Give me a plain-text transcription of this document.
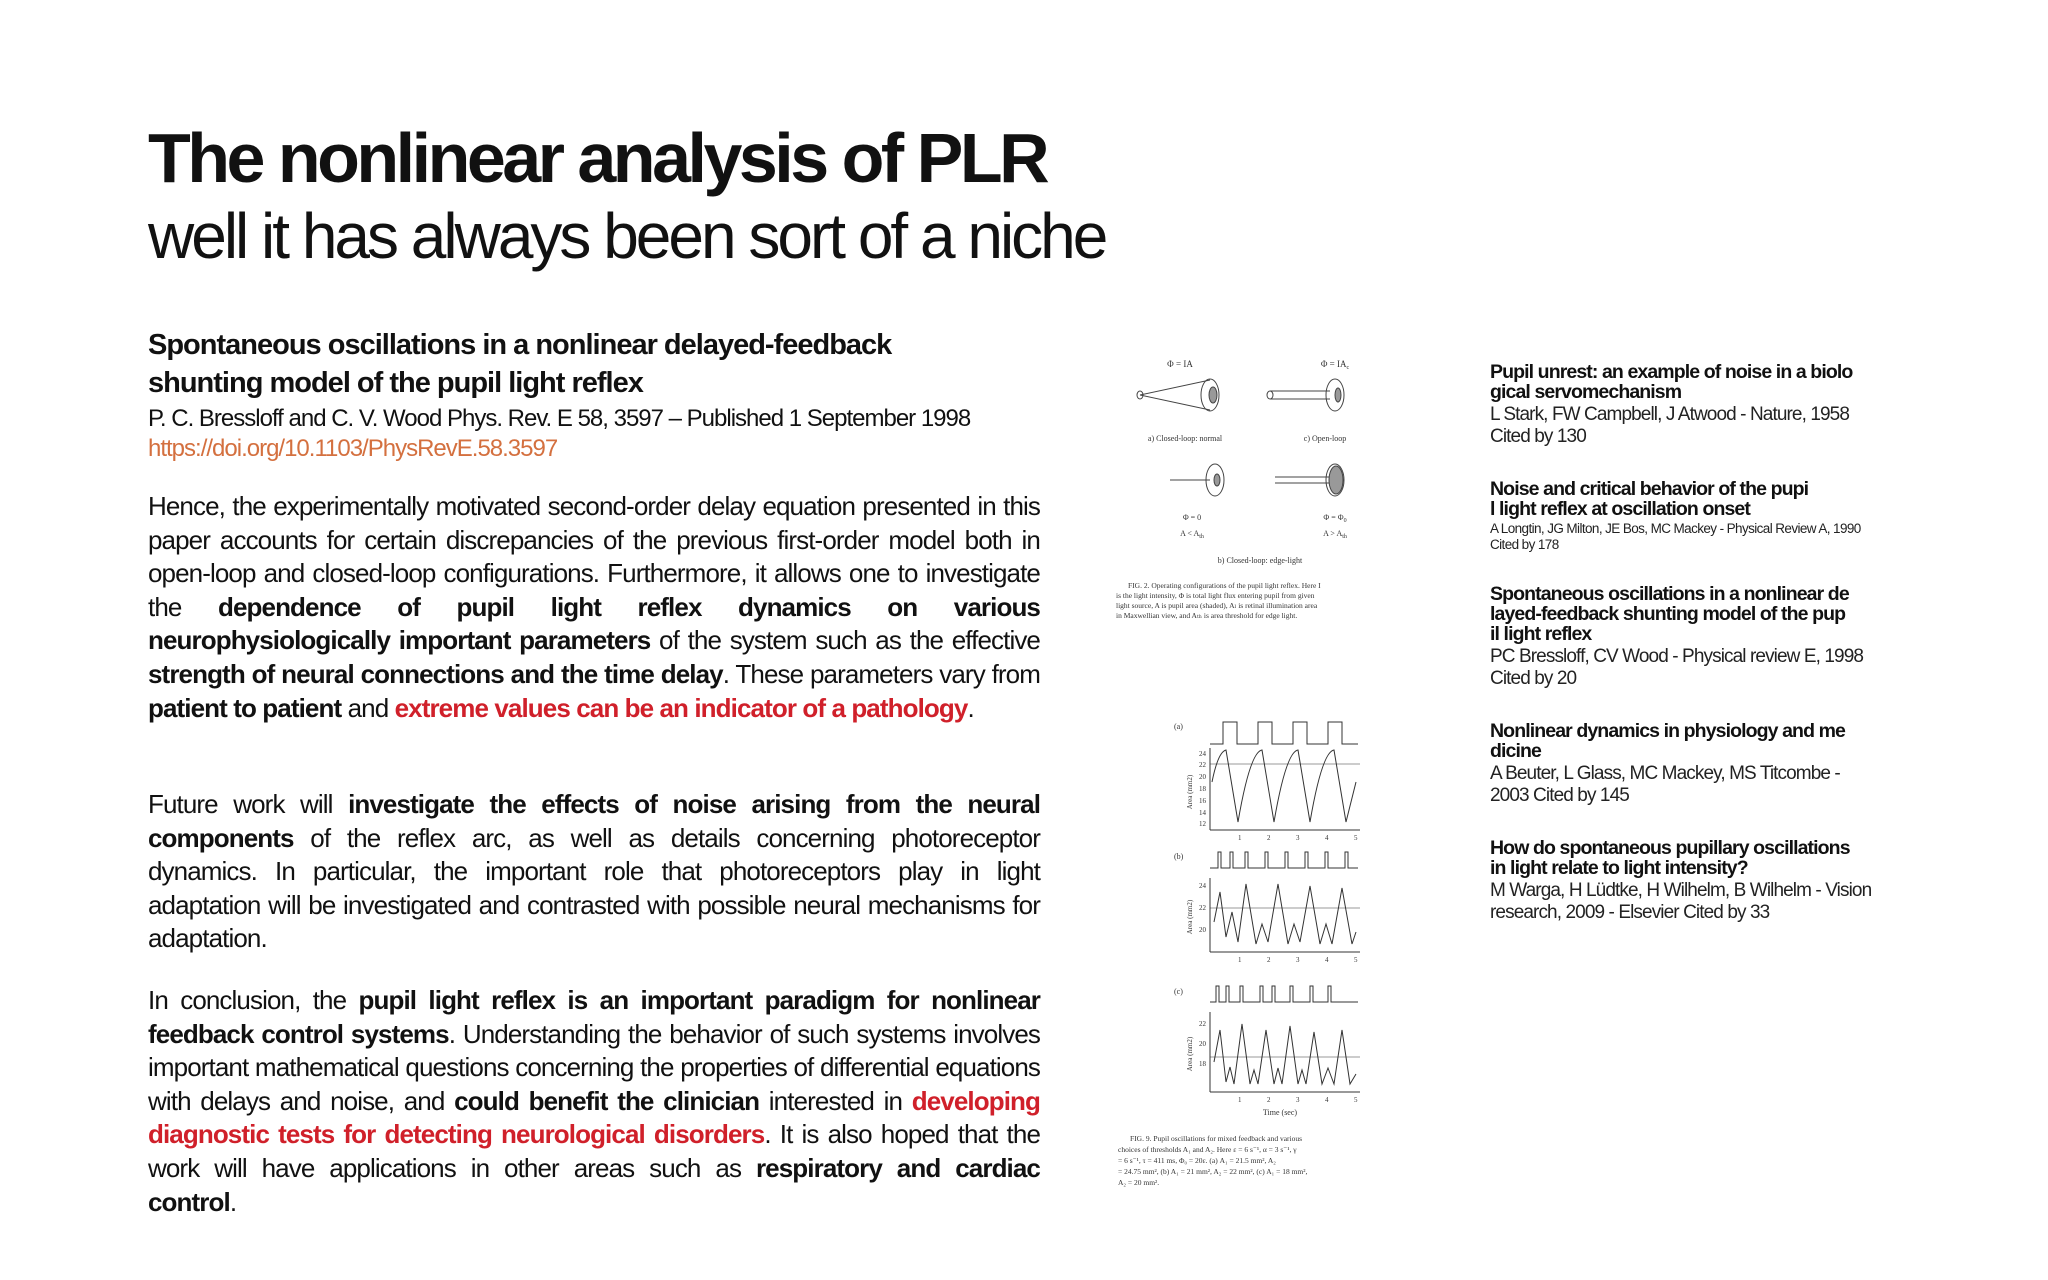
The nonlinear analysis of PLR
well it has always been sort of a niche

Spontaneous oscillations in a nonlinear delayed-feedback
shunting model of the pupil light reflex

P. C. Bressloff and C. V. Wood Phys. Rev. E 58, 3597 – Published 1 September 1998

https://doi.org/10.1103/PhysRevE.58.3597

Hence, the experimentally motivated second-order delay equation presented in this paper accounts for certain discrepancies of the previous first-order model both in open-loop and closed-loop configurations. Furthermore, it allows one to investigate the dependence of pupil light reflex dynamics on various neurophysiologically important parameters of the system such as the effective strength of neural connections and the time delay. These parameters vary from patient to patient and extreme values can be an indicator of a pathology.

Future work will investigate the effects of noise arising from the neural components of the reflex arc, as well as details concerning photoreceptor dynamics. In particular, the important role that photoreceptors play in light adaptation will be investigated and contrasted with possible neural mechanisms for adaptation.

In conclusion, the pupil light reflex is an important paradigm for nonlinear feedback control systems. Understanding the behavior of such systems involves important mathematical questions concerning the properties of differential equations with delays and noise, and could benefit the clinician interested in developing diagnostic tests for detecting neurological disorders. It is also hoped that the work will have applications in other areas such as respiratory and cardiac control.

Φ = IA	$\Phi = IA_c$
a) Closed-loop: normal	c) Open-loop
Φ = 0	$\Phi = \Phi_0$
$A < A_{th}$	$A > A_{th}$
b) Closed-loop: edge-light
FIG. 2. Operating configurations of the pupil light reflex. Here I
is the light intensity, Φ is total light flux entering pupil from given
light source, A is pupil area (shaded), Aₗ is retinal illumination area
in Maxwellian view, and Aₜₕ is area threshold for edge light.
(a)
(b)
(c)
24
22
20
18
16
14
12
24
22
20
22
20
18
1	2	3	4	5
1	2	3	4	5
1	2	3	4	5
Area (mm2)
Area (mm2)
Area (mm2)
Time (sec)
FIG. 9. Pupil oscillations for mixed feedback and various
choices of thresholds A₁ and A₂. Here ε = 6 s⁻¹, α = 3 s⁻¹, γ
= 6 s⁻¹, τ = 411 ms, Φ₀ = 20ε. (a) A₁ = 21.5 mm², A₂
= 24.75 mm², (b) A₁ = 21 mm², A₂ = 22 mm², (c) A₁ = 18 mm²,
A₂ = 20 mm².

Pupil unrest: an example of noise in a biolo
gical servomechanism

L Stark, FW Campbell, J Atwood - Nature, 1958
Cited by 130

Noise and critical behavior of the pupi
l light reflex at oscillation onset

A Longtin, JG Milton, JE Bos, MC Mackey - Physical Review A, 1990
Cited by 178

Spontaneous oscillations in a nonlinear de
layed-feedback shunting model of the pup
il light reflex

PC Bressloff, CV Wood - Physical review E, 1998
Cited by 20

Nonlinear dynamics in physiology and me
dicine

A Beuter, L Glass, MC Mackey, MS Titcombe -
2003 Cited by 145

How do spontaneous pupillary oscillations
in light relate to light intensity?

M Warga, H Lüdtke, H Wilhelm, B Wilhelm - Vision
research, 2009 - Elsevier Cited by 33
